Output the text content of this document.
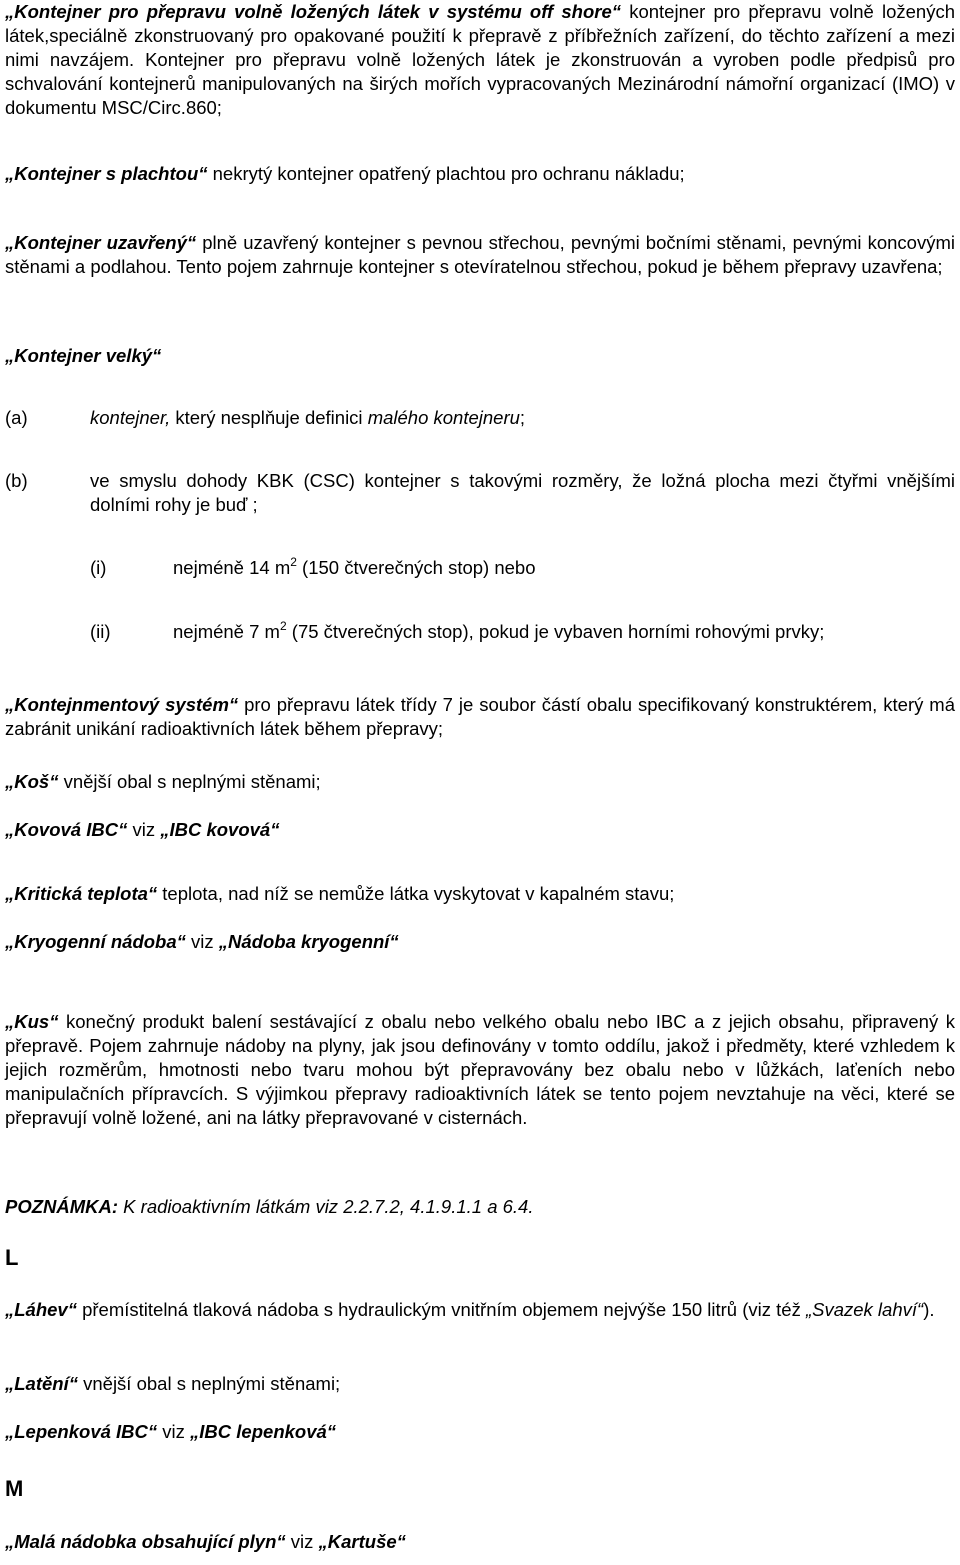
„Kontejner pro přepravu volně ložených látek v systému off shore“ kontejner pro přepravu volně ložených látek,speciálně zkonstruovaný pro opakované použití k přepravě z příbřežních zařízení, do těchto zařízení a mezi nimi navzájem. Kontejner pro přepravu volně ložených látek je zkonstruován a vyroben podle předpisů pro schvalování kontejnerů manipulovaných na širých mořích vypracovaných Mezinárodní námořní organizací (IMO) v dokumentu MSC/Circ.860;

„Kontejner s plachtou“ nekrytý kontejner opatřený plachtou pro ochranu nákladu;

„Kontejner uzavřený“ plně uzavřený kontejner s pevnou střechou, pevnými bočními stěnami, pevnými koncovými stěnami a podlahou. Tento pojem zahrnuje kontejner s otevíratelnou střechou, pokud je během přepravy uzavřena;

„Kontejner velký“

(a)	kontejner, který nesplňuje definici malého kontejneru;
(b)	ve smyslu dohody KBK (CSC) kontejner s takovými rozměry, že ložná plocha mezi čtyřmi vnějšími dolními rohy je buď ;
(i)	nejméně 14 $m^2$ (150 čtverečných stop) nebo
(ii)	nejméně 7 $m^2$ (75 čtverečných stop), pokud je vybaven horními rohovými prvky;

„Kontejnmentový systém“ pro přepravu látek třídy 7 je soubor částí obalu specifikovaný konstruktérem, který má zabránit unikání radioaktivních látek během přepravy;

„Koš“ vnější obal s neplnými stěnami;

„Kovová IBC“ viz „IBC kovová“

„Kritická teplota“ teplota, nad níž se nemůže látka vyskytovat v kapalném stavu;

„Kryogenní nádoba“ viz „Nádoba kryogenní“

„Kus“ konečný produkt balení sestávající z obalu nebo velkého obalu nebo IBC a z jejich obsahu, připravený k přepravě. Pojem zahrnuje nádoby na plyny, jak jsou definovány v tomto oddílu, jakož i předměty, které vzhledem k jejich rozměrům, hmotnosti nebo tvaru mohou být přepravovány bez obalu nebo v lůžkách, laťeních nebo manipulačních přípravcích. S výjimkou přepravy radioaktivních látek se tento pojem nevztahuje na věci, které se přepravují volně ložené, ani na látky přepravované v cisternách.

POZNÁMKA: K radioaktivním látkám viz 2.2.7.2, 4.1.9.1.1 a 6.4.

L

„Láhev“ přemístitelná tlaková nádoba s hydraulickým vnitřním objemem nejvýše 150 litrů (viz též „Svazek lahví“).

„Latění“ vnější obal s neplnými stěnami;

„Lepenková IBC“ viz „IBC lepenková“

M

„Malá nádobka obsahující plyn“ viz „Kartuše“
